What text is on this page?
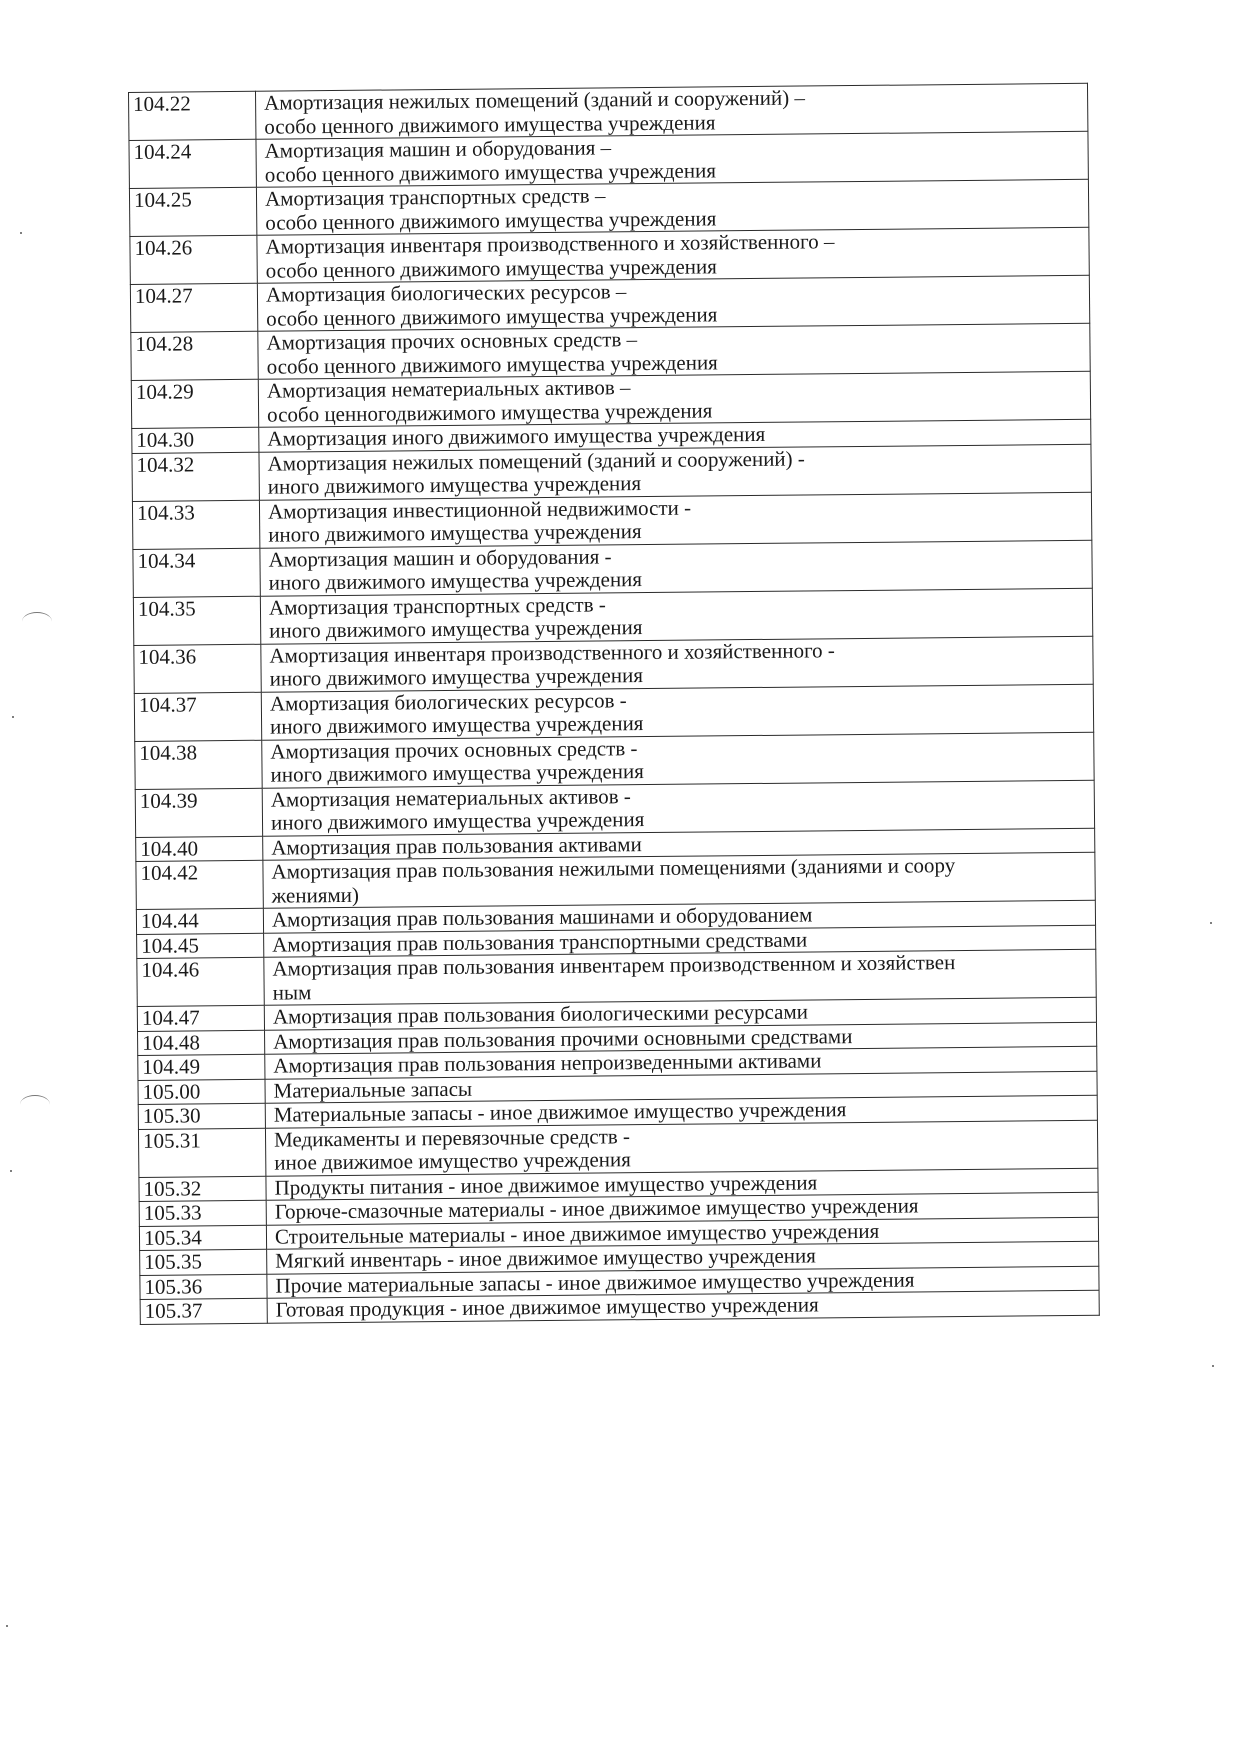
104.22	Амортизация нежилых помещений (зданий и сооружений) –
особо ценного движимого имущества учреждения
104.24	Амортизация машин и оборудования –
особо ценного движимого имущества учреждения
104.25	Амортизация транспортных средств –
особо ценного движимого имущества учреждения
104.26	Амортизация инвентаря производственного и хозяйственного –
особо ценного движимого имущества учреждения
104.27	Амортизация биологических ресурсов –
особо ценного движимого имущества учреждения
104.28	Амортизация прочих основных средств –
особо ценного движимого имущества учреждения
104.29	Амортизация нематериальных активов –
особо ценногодвижимого имущества учреждения
104.30	Амортизация иного движимого имущества учреждения
104.32	Амортизация нежилых помещений (зданий и сооружений) -
иного движимого имущества учреждения
104.33	Амортизация инвестиционной недвижимости -
иного движимого имущества учреждения
104.34	Амортизация машин и оборудования -
иного движимого имущества учреждения
104.35	Амортизация транспортных средств -
иного движимого имущества учреждения
104.36	Амортизация инвентаря производственного и хозяйственного -
иного движимого имущества учреждения
104.37	Амортизация биологических ресурсов -
иного движимого имущества учреждения
104.38	Амортизация прочих основных средств -
иного движимого имущества учреждения
104.39	Амортизация нематериальных активов -
иного движимого имущества учреждения
104.40	Амортизация прав пользования активами
104.42	Амортизация прав пользования нежилыми помещениями (зданиями и соору
жениями)
104.44	Амортизация прав пользования машинами и оборудованием
104.45	Амортизация прав пользования транспортными средствами
104.46	Амортизация прав пользования инвентарем производственном и хозяйствен
ным
104.47	Амортизация прав пользования биологическими ресурсами
104.48	Амортизация прав пользования прочими основными средствами
104.49	Амортизация прав пользования непроизведенными активами
105.00	Материальные запасы
105.30	Материальные запасы - иное движимое имущество учреждения
105.31	Медикаменты и перевязочные средств -
иное движимое имущество учреждения
105.32	Продукты питания - иное движимое имущество учреждения
105.33	Горюче-смазочные материалы - иное движимое имущество учреждения
105.34	Строительные материалы - иное движимое имущество учреждения
105.35	Мягкий инвентарь - иное движимое имущество учреждения
105.36	Прочие материальные запасы - иное движимое имущество учреждения
105.37	Готовая продукция - иное движимое имущество учреждения
